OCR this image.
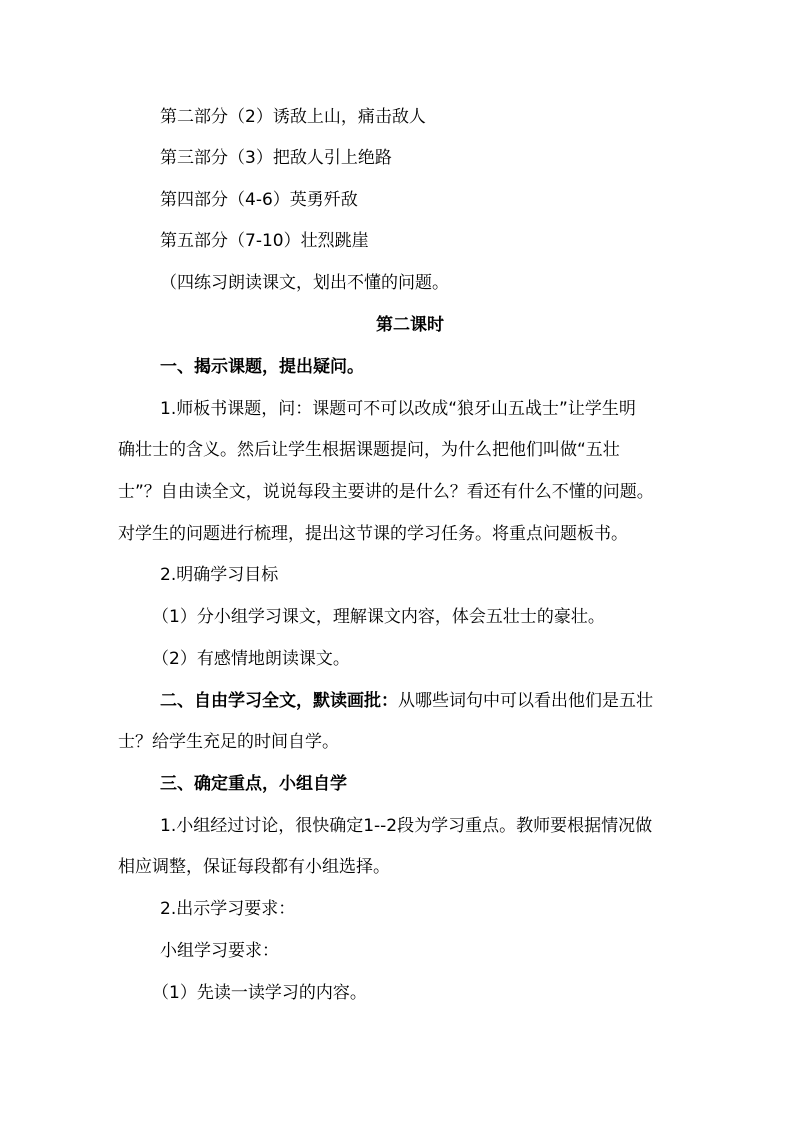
第二部分（2）诱敌上山，痛击敌人
第三部分（3）把敌人引上绝路
第四部分（4-6）英勇歼敌
第五部分（7-10）壮烈跳崖
（四练习朗读课文，划出不懂的问题。
第二课时
一、揭示课题，提出疑问。
1.师板书课题，问：课题可不可以改成“狼牙山五战士”让学生明
确壮士的含义。然后让学生根据课题提问，为什么把他们叫做“五壮
士”？自由读全文，说说每段主要讲的是什么？看还有什么不懂的问题。
对学生的问题进行梳理，提出这节课的学习任务。将重点问题板书。
2.明确学习目标
（1）分小组学习课文，理解课文内容，体会五壮士的豪壮。
（2）有感情地朗读课文。
二、自由学习全文，默读画批：从哪些词句中可以看出他们是五壮
士？给学生充足的时间自学。
三、确定重点，小组自学
1.小组经过讨论，很快确定1--2段为学习重点。教师要根据情况做
相应调整，保证每段都有小组选择。
2.出示学习要求：
小组学习要求：
（1）先读一读学习的内容。
